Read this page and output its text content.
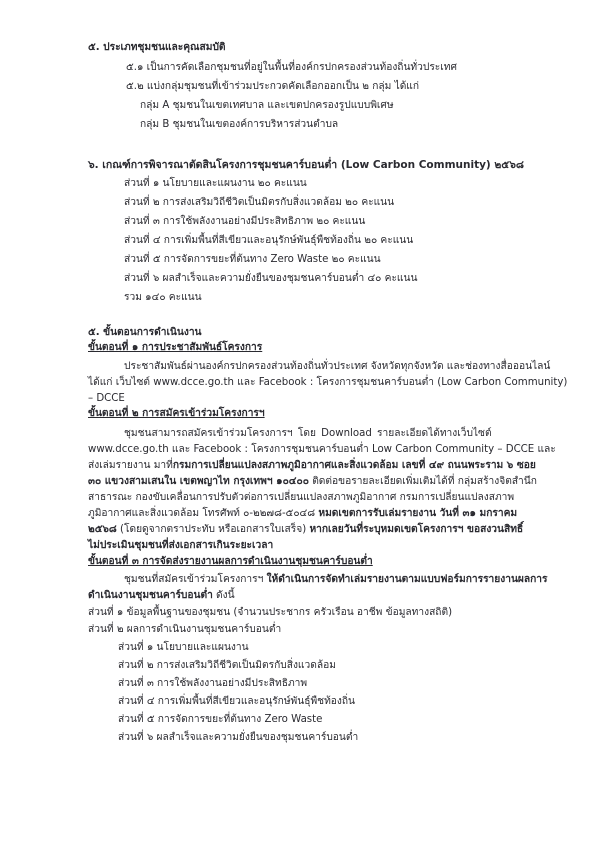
๕. ประเภทชุมชนและคุณสมบัติ
๕.๑ เป็นการคัดเลือกชุมชนที่อยู่ในพื้นที่องค์กรปกครองส่วนท้องถิ่นทั่วประเทศ
๕.๒ แบ่งกลุ่มชุมชนที่เข้าร่วมประกวดคัดเลือกออกเป็น ๒ กลุ่ม ได้แก่
กลุ่ม A ชุมชนในเขตเทศบาล และเขตปกครองรูปแบบพิเศษ
กลุ่ม B ชุมชนในเขตองค์การบริหารส่วนตำบล
๖. เกณฑ์การพิจารณาตัดสินโครงการชุมชนคาร์บอนต่ำ (Low Carbon Community) ๒๕๖๘
ส่วนที่ ๑ นโยบายและแผนงาน ๒๐ คะแนน
ส่วนที่ ๒ การส่งเสริมวิถีชีวิตเป็นมิตรกับสิ่งแวดล้อม ๒๐ คะแนน
ส่วนที่ ๓ การใช้พลังงานอย่างมีประสิทธิภาพ ๒๐ คะแนน
ส่วนที่ ๔ การเพิ่มพื้นที่สีเขียวและอนุรักษ์พันธุ์พืชท้องถิ่น ๒๐ คะแนน
ส่วนที่ ๕ การจัดการขยะที่ต้นทาง Zero Waste ๒๐ คะแนน
ส่วนที่ ๖ ผลสำเร็จและความยั่งยืนของชุมชนคาร์บอนต่ำ ๔๐ คะแนน
รวม ๑๔๐ คะแนน
๕. ขั้นตอนการดำเนินงาน
ขั้นตอนที่ ๑ การประชาสัมพันธ์โครงการ
ประชาสัมพันธ์ผ่านองค์กรปกครองส่วนท้องถิ่นทั่วประเทศ จังหวัดทุกจังหวัด และช่องทางสื่อออนไลน์
ได้แก่ เว็บไซต์ www.dcce.go.th และ Facebook : โครงการชุมชนคาร์บอนต่ำ (Low Carbon Community)
– DCCE
ขั้นตอนที่ ๒ การสมัครเข้าร่วมโครงการฯ
ชุมชนสามารถสมัครเข้าร่วมโครงการฯ โดย Download รายละเอียดได้ทางเว็บไซต์
www.dcce.go.th และ Facebook : โครงการชุมชนคาร์บอนต่ำ Low Carbon Community – DCCE และ
ส่งเล่มรายงาน มาที่กรมการเปลี่ยนแปลงสภาพภูมิอากาศและสิ่งแวดล้อม เลขที่ ๔๙ ถนนพระราม ๖ ซอย
๓๐ แขวงสามเสนใน เขตพญาไท กรุงเทพฯ ๑๐๔๐๐ ติดต่อขอรายละเอียดเพิ่มเติมได้ที่ กลุ่มสร้างจิตสำนึก
สาธารณะ กองขับเคลื่อนการปรับตัวต่อการเปลี่ยนแปลงสภาพภูมิอากาศ กรมการเปลี่ยนแปลงสภาพ
ภูมิอากาศและสิ่งแวดล้อม โทรศัพท์ ๐-๒๒๗๘-๕๐๔๘ หมดเขตการรับเล่มรายงาน วันที่ ๓๑ มกราคม
๒๕๖๘ (โดยดูจากตราประทับ หรือเอกสารใบเสร็จ) หากเลยวันที่ระบุหมดเขตโครงการฯ ขอสงวนสิทธิ์
ไม่ประเมินชุมชนที่ส่งเอกสารเกินระยะเวลา
ขั้นตอนที่ ๓ การจัดส่งรายงานผลการดำเนินงานชุมชนคาร์บอนต่ำ
ชุมชนที่สมัครเข้าร่วมโครงการฯ ให้ดำเนินการจัดทำเล่มรายงานตามแบบฟอร์มการรายงานผลการ
ดำเนินงานชุมชนคาร์บอนต่ำ ดังนี้
ส่วนที่ ๑ ข้อมูลพื้นฐานของชุมชน (จำนวนประชากร ครัวเรือน อาชีพ ข้อมูลทางสถิติ)
ส่วนที่ ๒ ผลการดำเนินงานชุมชนคาร์บอนต่ำ
ส่วนที่ ๑ นโยบายและแผนงาน
ส่วนที่ ๒ การส่งเสริมวิถีชีวิตเป็นมิตรกับสิ่งแวดล้อม
ส่วนที่ ๓ การใช้พลังงานอย่างมีประสิทธิภาพ
ส่วนที่ ๔ การเพิ่มพื้นที่สีเขียวและอนุรักษ์พันธุ์พืชท้องถิ่น
ส่วนที่ ๕ การจัดการขยะที่ต้นทาง Zero Waste
ส่วนที่ ๖ ผลสำเร็จและความยั่งยืนของชุมชนคาร์บอนต่ำ
